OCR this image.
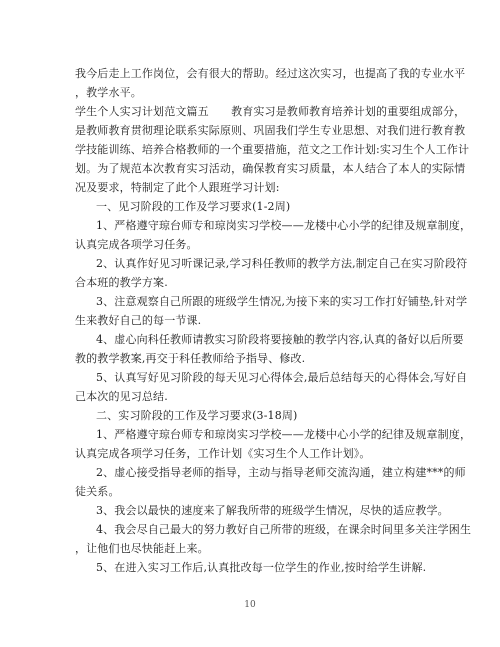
我今后走上工作岗位，会有很大的帮助。经过这次实习，也提高了我的专业水平
，教学水平。
学生个人实习计划范文篇五　　教育实习是教师教育培养计划的重要组成部分，
是教师教育贯彻理论联系实际原则、巩固我们学生专业思想、对我们进行教育教
学技能训练、培养合格教师的一个重要措施，范文之工作计划:实习生个人工作计
划。为了规范本次教育实习活动，确保教育实习质量，本人结合了本人的实际情
况及要求，特制定了此个人跟班学习计划:
一、见习阶段的工作及学习要求(1-2周)
1、严格遵守琼台师专和琼岗实习学校——龙楼中心小学的纪律及规章制度，
认真完成各项学习任务。
2、认真作好见习听课记录,学习科任教师的教学方法,制定自己在实习阶段符
合本班的教学方案.
3、注意观察自己所跟的班级学生情况,为接下来的实习工作打好铺垫,针对学
生来教好自己的每一节课.
4、虚心向科任教师请教实习阶段将要接触的教学内容,认真的备好以后所要
教的教学教案,再交于科任教师给予指导、修改.
5、认真写好见习阶段的每天见习心得体会,最后总结每天的心得体会,写好自
己本次的见习总结.
二、实习阶段的工作及学习要求(3-18周)
1、严格遵守琼台师专和琼岗实习学校——龙楼中心小学的纪律及规章制度，
认真完成各项学习任务，工作计划《实习生个人工作计划》。
2、虚心接受指导老师的指导，主动与指导老师交流沟通，建立构建***的师
徒关系。
3、我会以最快的速度来了解我所带的班级学生情况，尽快的适应教学。
4、我会尽自己最大的努力教好自己所带的班级，在课余时间里多关注学困生
，让他们也尽快能赶上来。
5、在进入实习工作后,认真批改每一位学生的作业,按时给学生讲解.
10
